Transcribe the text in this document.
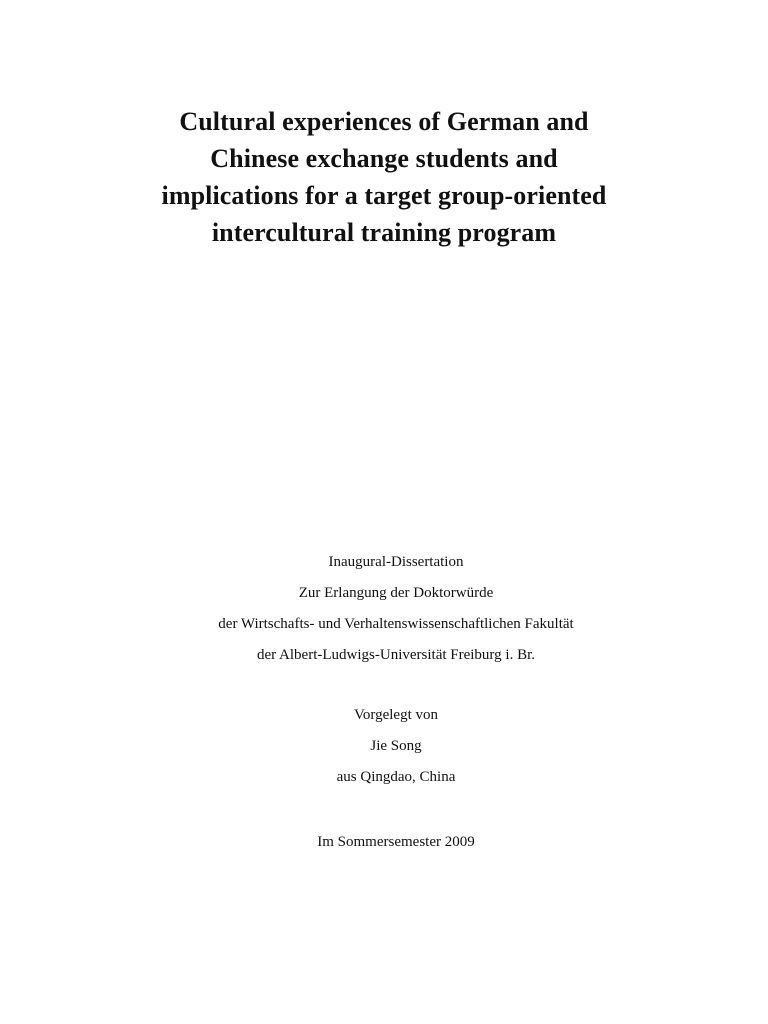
Cultural experiences of German and
Chinese exchange students and
implications for a target group-oriented
intercultural training program
Inaugural-Dissertation
Zur Erlangung der Doktorwürde
der Wirtschafts- und Verhaltenswissenschaftlichen Fakultät
der Albert-Ludwigs-Universität Freiburg i. Br.
Vorgelegt von
Jie Song
aus Qingdao, China
Im Sommersemester 2009
